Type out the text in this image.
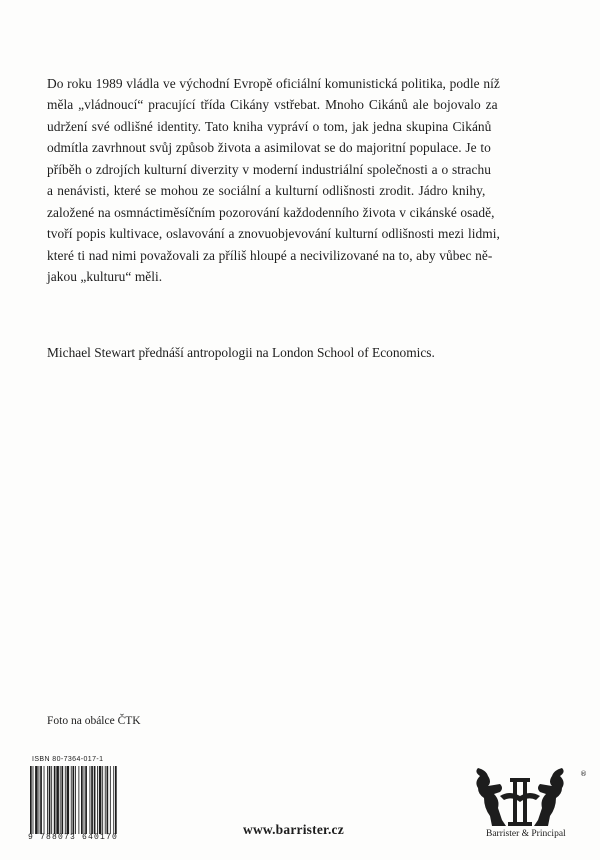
Do roku 1989 vládla ve východní Evropě oficiální komunistická politika, podle níž
měla „vládnoucí“ pracující třída Cikány vstřebat. Mnoho Cikánů ale bojovalo za
udržení své odlišné identity. Tato kniha vypráví o tom, jak jedna skupina Cikánů
odmítla zavrhnout svůj způsob života a asimilovat se do majoritní populace. Je to
příběh o zdrojích kulturní diverzity v moderní industriální společnosti a o strachu
a nenávisti, které se mohou ze sociální a kulturní odlišnosti zrodit. Jádro knihy,
založené na osmnáctiměsíčním pozorování každodenního života v cikánské osadě,
tvoří popis kultivace, oslavování a znovuobjevování kulturní odlišnosti mezi lidmi,
které ti nad nimi považovali za příliš hloupé a necivilizované na to, aby vůbec ně-
jakou „kulturu“ měli.
Michael Stewart přednáší antropologii na London School of Economics.
Foto na obálce ČTK
ISBN 80-7364-017-1
9 788073 640170
www.barrister.cz
®
Barrister & Principal
